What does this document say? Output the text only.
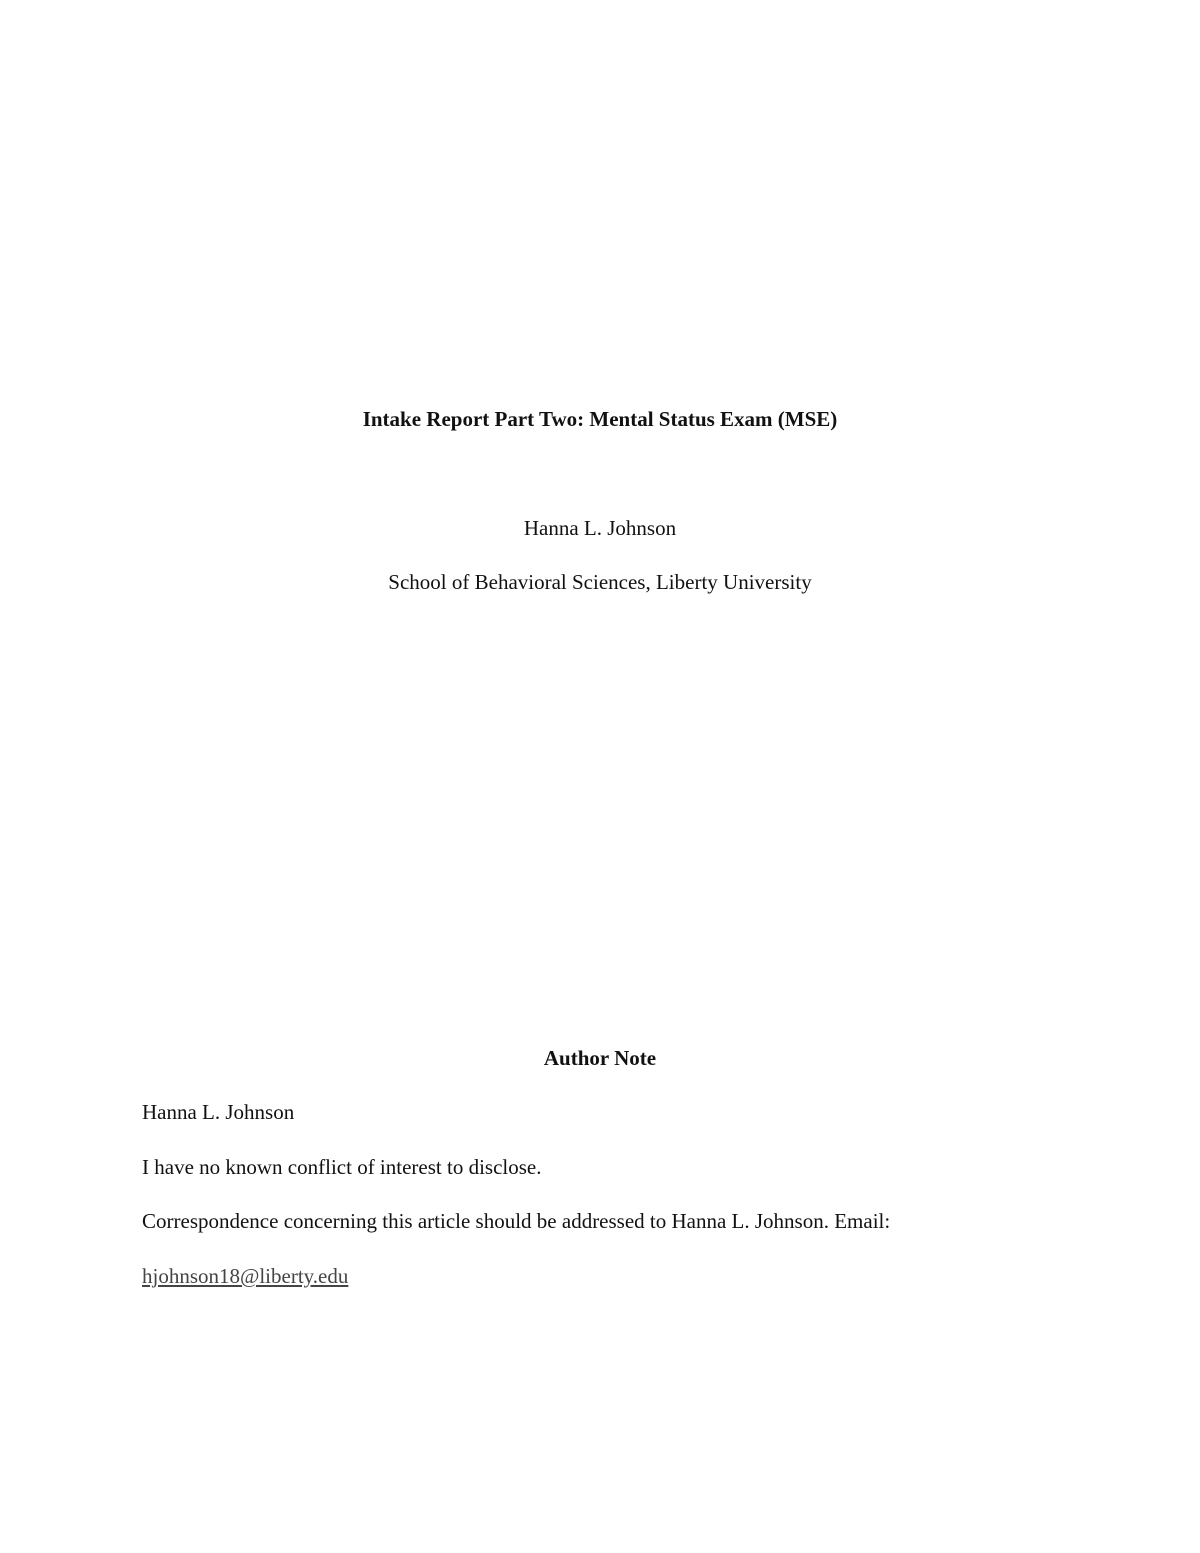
Intake Report Part Two: Mental Status Exam (MSE)
Hanna L. Johnson
School of Behavioral Sciences, Liberty University
Author Note
Hanna L. Johnson
I have no known conflict of interest to disclose.
Correspondence concerning this article should be addressed to Hanna L. Johnson. Email:
hjohnson18@liberty.edu
